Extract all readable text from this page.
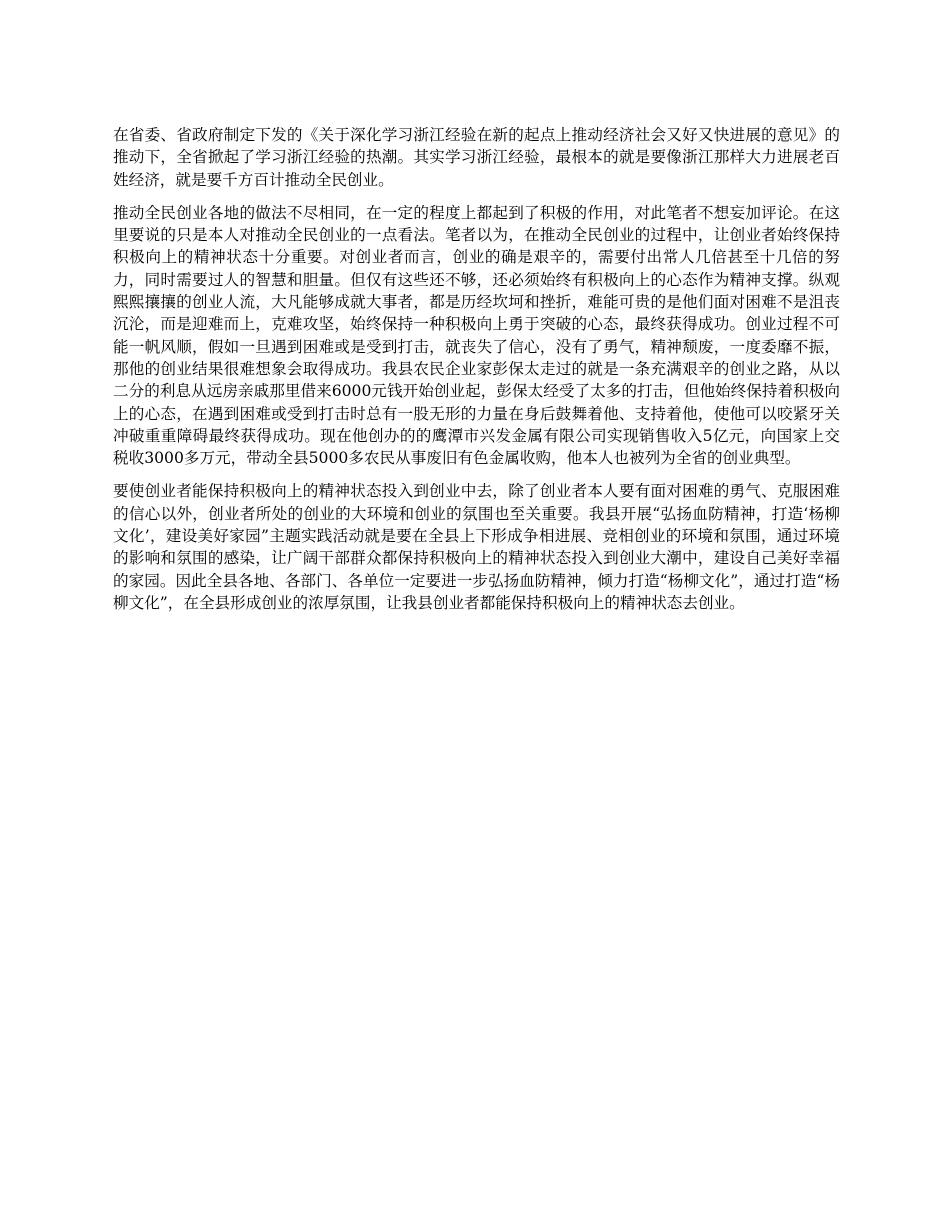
在省委、省政府制定下发的《关于深化学习浙江经验在新的起点上推动经济社会又好又快进展的意见》的推动下，全省掀起了学习浙江经验的热潮。其实学习浙江经验，最根本的就是要像浙江那样大力进展老百姓经济，就是要千方百计推动全民创业。

推动全民创业各地的做法不尽相同，在一定的程度上都起到了积极的作用，对此笔者不想妄加评论。在这里要说的只是本人对推动全民创业的一点看法。笔者以为，在推动全民创业的过程中，让创业者始终保持积极向上的精神状态十分重要。对创业者而言，创业的确是艰辛的，需要付出常人几倍甚至十几倍的努力，同时需要过人的智慧和胆量。但仅有这些还不够，还必须始终有积极向上的心态作为精神支撑。纵观熙熙攘攘的创业人流，大凡能够成就大事者，都是历经坎坷和挫折，难能可贵的是他们面对困难不是沮丧沉沦，而是迎难而上，克难攻坚，始终保持一种积极向上勇于突破的心态，最终获得成功。创业过程不可能一帆风顺，假如一旦遇到困难或是受到打击，就丧失了信心，没有了勇气，精神颓废，一度委靡不振，那他的创业结果很难想象会取得成功。我县农民企业家彭保太走过的就是一条充满艰辛的创业之路，从以二分的利息从远房亲戚那里借来6000元钱开始创业起，彭保太经受了太多的打击，但他始终保持着积极向上的心态，在遇到困难或受到打击时总有一股无形的力量在身后鼓舞着他、支持着他，使他可以咬紧牙关冲破重重障碍最终获得成功。现在他创办的的鹰潭市兴发金属有限公司实现销售收入5亿元，向国家上交税收3000多万元，带动全县5000多农民从事废旧有色金属收购，他本人也被列为全省的创业典型。

要使创业者能保持积极向上的精神状态投入到创业中去，除了创业者本人要有面对困难的勇气、克服困难的信心以外，创业者所处的创业的大环境和创业的氛围也至关重要。我县开展“弘扬血防精神，打造‘杨柳文化’，建设美好家园”主题实践活动就是要在全县上下形成争相进展、竞相创业的环境和氛围，通过环境的影响和氛围的感染，让广阔干部群众都保持积极向上的精神状态投入到创业大潮中，建设自己美好幸福的家园。因此全县各地、各部门、各单位一定要进一步弘扬血防精神，倾力打造“杨柳文化”，通过打造“杨柳文化”，在全县形成创业的浓厚氛围，让我县创业者都能保持积极向上的精神状态去创业。
